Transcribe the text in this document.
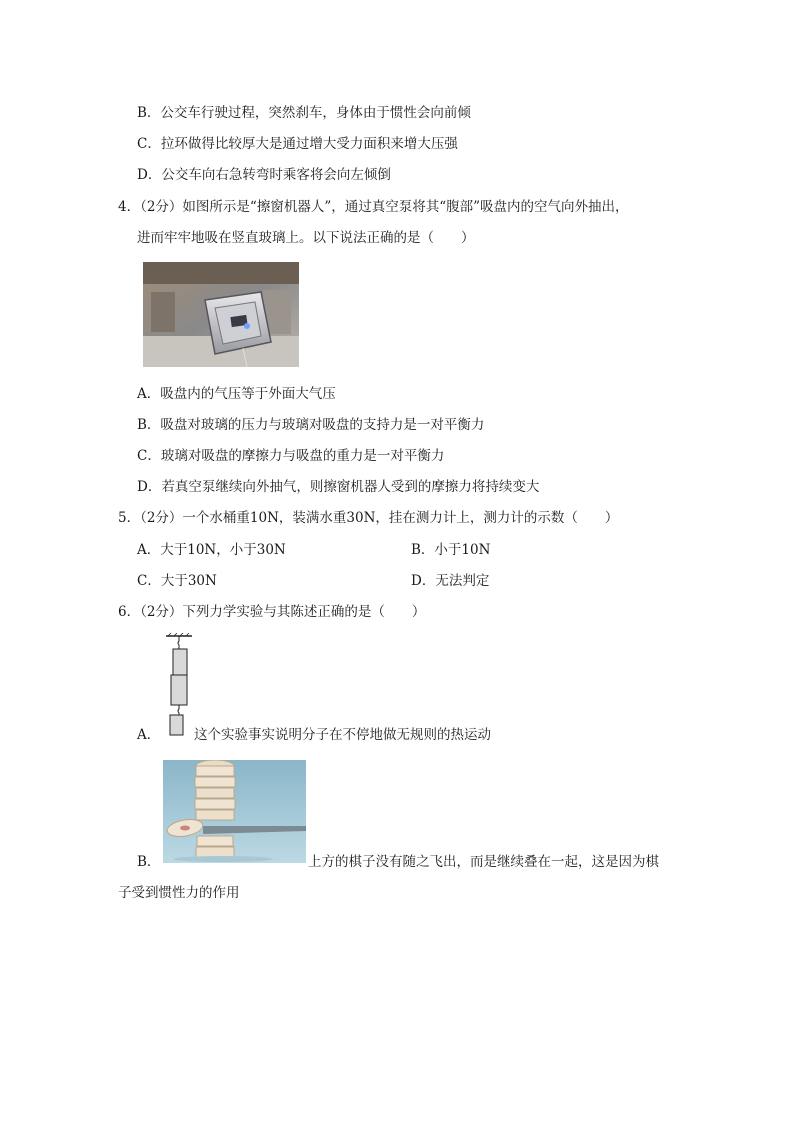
B．公交车行驶过程，突然刹车，身体由于惯性会向前倾
C．拉环做得比较厚大是通过增大受力面积来增大压强
D．公交车向右急转弯时乘客将会向左倾倒
4．（2分）如图所示是“擦窗机器人”，通过真空泵将其“腹部”吸盘内的空气向外抽出，
进而牢牢地吸在竖直玻璃上。以下说法正确的是（　　）
A．吸盘内的气压等于外面大气压
B．吸盘对玻璃的压力与玻璃对吸盘的支持力是一对平衡力
C．玻璃对吸盘的摩擦力与吸盘的重力是一对平衡力
D．若真空泵继续向外抽气，则擦窗机器人受到的摩擦力将持续变大
5．（2分）一个水桶重10N，装满水重30N，挂在测力计上，测力计的示数（　　）
A．大于10N，小于30N	B．小于10N
C．大于30N	D．无法判定
6．（2分）下列力学实验与其陈述正确的是（　　）
A．	这个实验事实说明分子在不停地做无规则的热运动
B．	上方的棋子没有随之飞出，而是继续叠在一起，这是因为棋
子受到惯性力的作用
